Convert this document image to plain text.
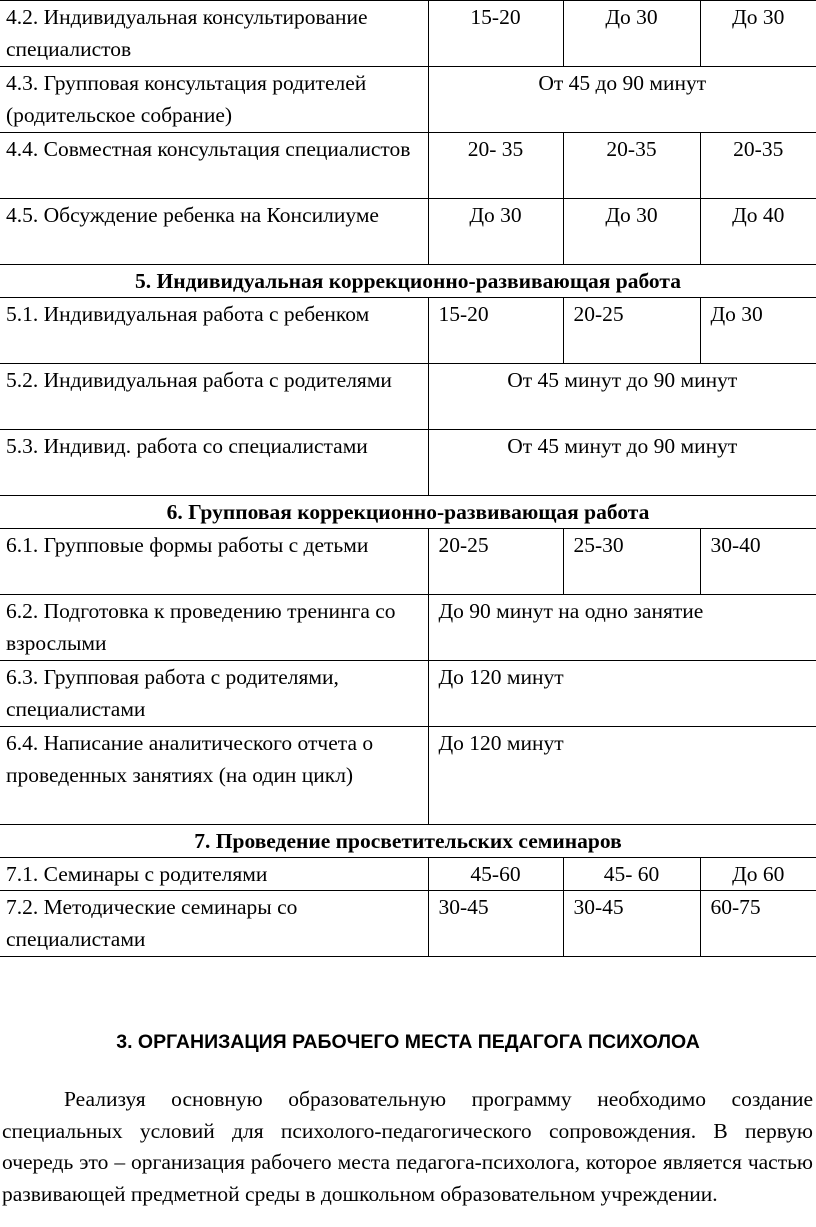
4.2. Индивидуальная консультирование специалистов	15-20	До 30	До 30
4.3. Групповая консультация родителей (родительское собрание)	От 45 до 90 минут		
4.4. Совместная консультация специалистов	20- 35	20-35	20-35
4.5. Обсуждение ребенка на Консилиуме	До 30	До 30	До 40
5. Индивидуальная коррекционно-развивающая работа			
5.1. Индивидуальная работа с ребенком	15-20	20-25	До 30
5.2. Индивидуальная работа с родителями	От 45 минут до 90 минут		
5.3. Индивид. работа со специалистами	От 45 минут до 90 минут		
6. Групповая коррекционно-развивающая работа			
6.1. Групповые формы работы с детьми	20-25	25-30	30-40
6.2. Подготовка к проведению тренинга со взрослыми	До 90 минут на одно занятие		
6.3. Групповая работа с родителями, специалистами	До 120 минут		
6.4. Написание аналитического отчета о проведенных занятиях (на один цикл)	До 120 минут		
7. Проведение просветительских семинаров			
7.1. Семинары с родителями	45-60	45- 60	До 60
7.2. Методические семинары со специалистами	30-45	30-45	60-75
3. ОРГАНИЗАЦИЯ РАБОЧЕГО МЕСТА ПЕДАГОГА ПСИХОЛОА

Реализуя основную образовательную программу необходимо создание специальных условий для психолого-педагогического сопровождения. В первую очередь это – организация рабочего места педагога-психолога, которое является частью развивающей предметной среды в дошкольном образовательном учреждении.
